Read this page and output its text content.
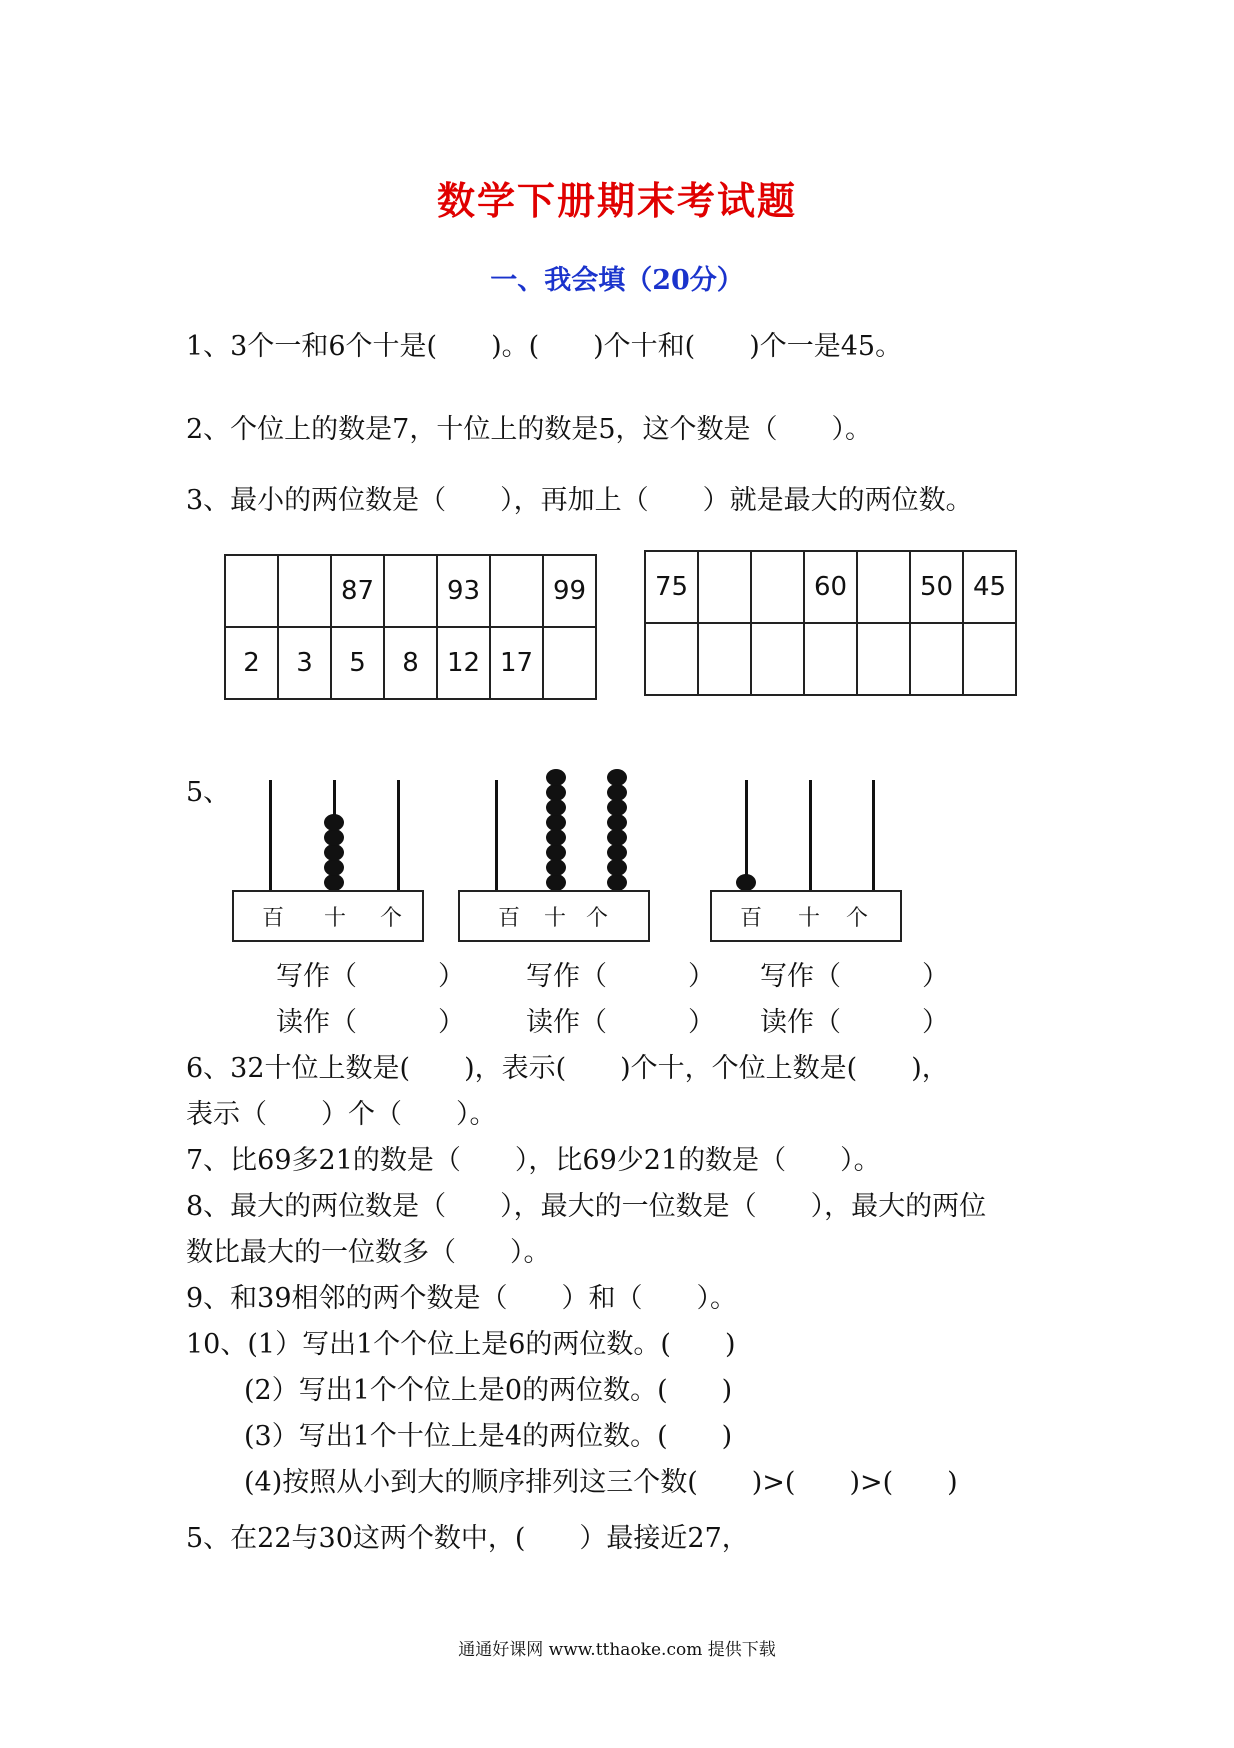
数学下册期末考试题
一、我会填（20分）
1、3个一和6个十是(　　)。(　　)个十和(　　)个一是45。
2、个位上的数是7，十位上的数是5，这个数是（　　）。
3、最小的两位数是（　　），再加上（　　）就是最大的两位数。
		87		93		99
2	3	5	8	12	17	
75			60		50	45

5、
百 十 个	百 十 个	百 十 个
写作（　　　） 写作（　　　） 写作（　　　）
读作（　　　） 读作（　　　） 读作（　　　）
6、32十位上数是(　　)，表示(　　)个十，个位上数是(　　)，
表示（　　）个（　　）。
7、比69多21的数是（　　），比69少21的数是（　　）。
8、最大的两位数是（　　），最大的一位数是（　　），最大的两位
数比最大的一位数多（　　）。
9、和39相邻的两个数是（　　）和（　　）。
10、(1）写出1个个位上是6的两位数。(　　)
(2）写出1个个位上是0的两位数。(　　)
(3）写出1个十位上是4的两位数。(　　)
(4)按照从小到大的顺序排列这三个数(　　)>(　　)>(　　)
5、在22与30这两个数中，(　　）最接近27，
通通好课网 www.tthaoke.com 提供下载
